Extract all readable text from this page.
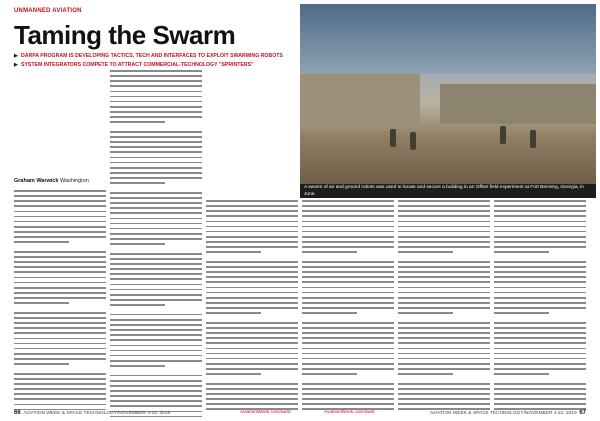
UNMANNED AVIATION
Taming the Swarm
▶ DARPA PROGRAM IS DEVELOPING TACTICS, TECH AND INTERFACES TO EXPLOIT SWARMING ROBOTS
▶ SYSTEM INTEGRATORS COMPETE TO ATTRACT COMMERCIAL-TECHNOLOGY "SPRINTERS"
A swarm of air and ground robots was used to locate and secure a building in an Offset field experiment at Fort Benning, Georgia, in June.
Graham Warwick Washington
66 AVIATION WEEK & SPACE TECHNOLOGY/NOVEMBER 4-24, 2019	AviationWeek.com/awst	AviationWeek.com/awst	AVIATION WEEK & SPACE TECHNOLOGY/NOVEMBER 4-24, 2019 67
